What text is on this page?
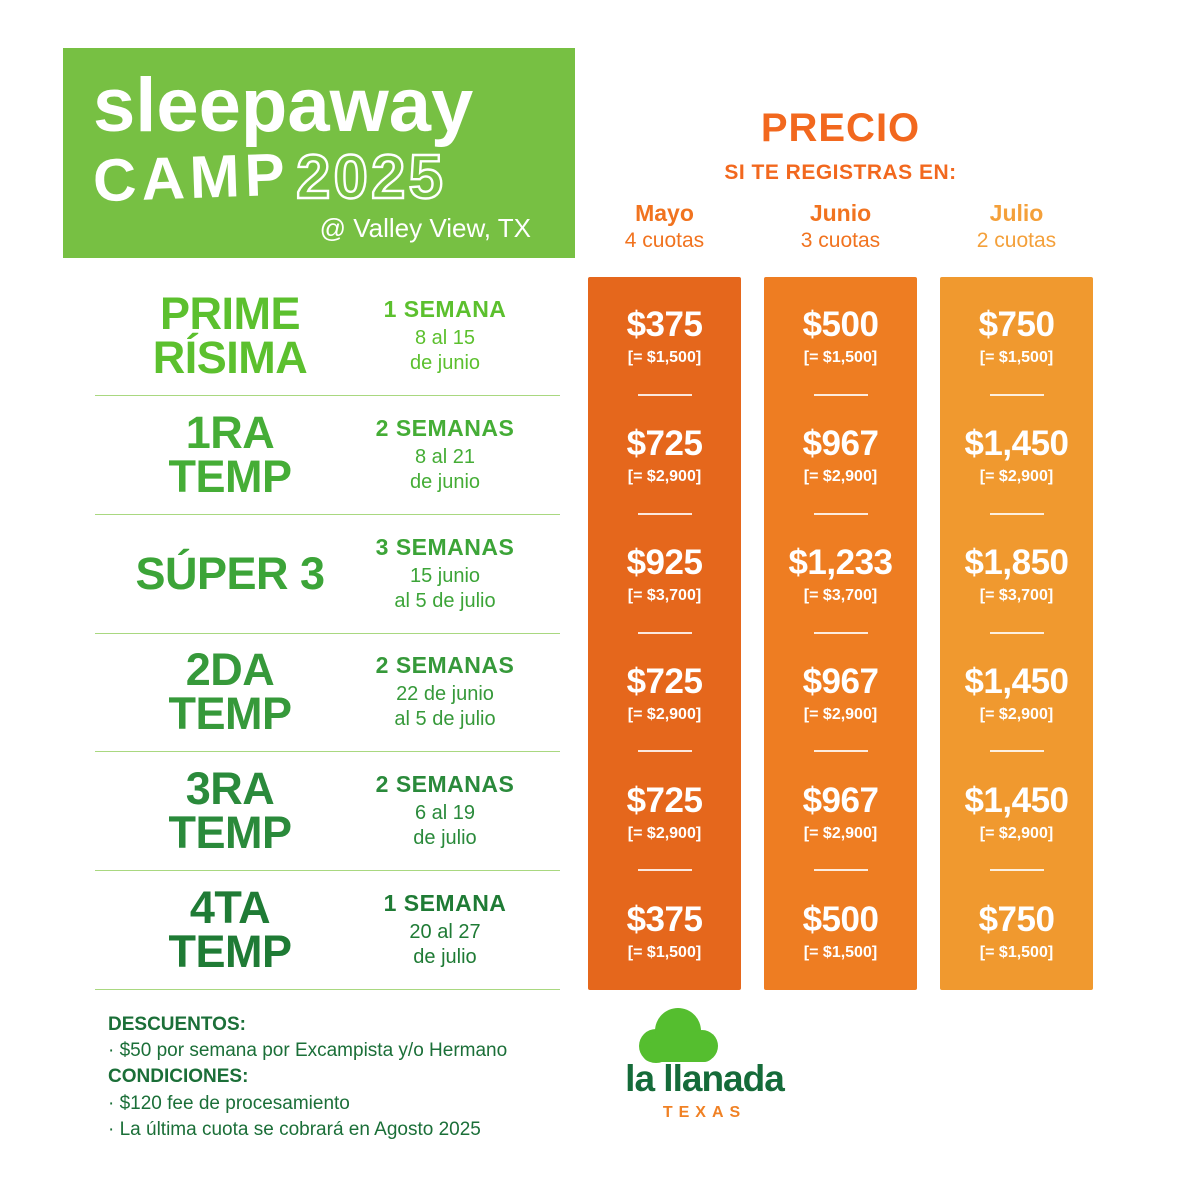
sleepaway
CAMP 2025
@ Valley View, TX
PRECIO
SI TE REGISTRAS EN:
Mayo
4 cuotas
Junio
3 cuotas
Julio
2 cuotas
PRIME
RÍSIMA
1 SEMANA
8 al 15
de junio
1RA
TEMP
2 SEMANAS
8 al 21
de junio
SÚPER 3
3 SEMANAS
15 junio
al 5 de julio
2DA
TEMP
2 SEMANAS
22 de junio
al 5 de julio
3RA
TEMP
2 SEMANAS
6 al 19
de julio
4TA
TEMP
1 SEMANA
20 al 27
de julio
$375
[= $1,500]
$725
[= $2,900]
$925
[= $3,700]
$725
[= $2,900]
$725
[= $2,900]
$375
[= $1,500]
$500
[= $1,500]
$967
[= $2,900]
$1,233
[= $3,700]
$967
[= $2,900]
$967
[= $2,900]
$500
[= $1,500]
$750
[= $1,500]
$1,450
[= $2,900]
$1,850
[= $3,700]
$1,450
[= $2,900]
$1,450
[= $2,900]
$750
[= $1,500]
DESCUENTOS:
· $50 por semana por Excampista y/o Hermano
CONDICIONES:
· $120 fee de procesamiento
· La última cuota se cobrará en Agosto 2025
la llanada
TEXAS
